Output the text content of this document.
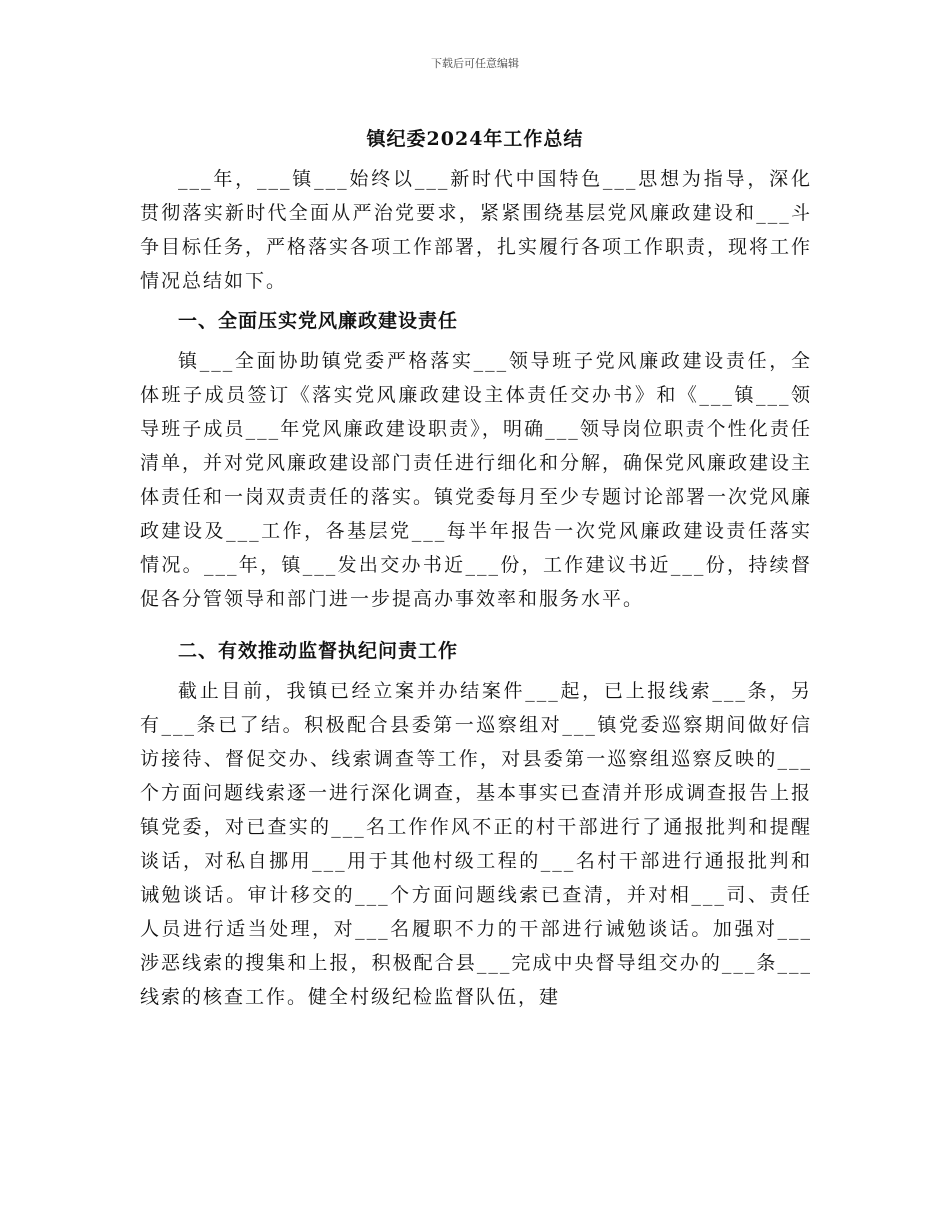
下载后可任意编辑
镇纪委2024年工作总结

___年，___镇___始终以___新时代中国特色___思想为指导，深化贯彻落实新时代全面从严治党要求，紧紧围绕基层党风廉政建设和___斗争目标任务，严格落实各项工作部署，扎实履行各项工作职责，现将工作情况总结如下。

一、全面压实党风廉政建设责任

镇___全面协助镇党委严格落实___领导班子党风廉政建设责任，全体班子成员签订《落实党风廉政建设主体责任交办书》和《___镇___领导班子成员___年党风廉政建设职责》，明确___领导岗位职责个性化责任清单，并对党风廉政建设部门责任进行细化和分解，确保党风廉政建设主体责任和一岗双责责任的落实。镇党委每月至少专题讨论部署一次党风廉政建设及___工作，各基层党___每半年报告一次党风廉政建设责任落实情况。___年，镇___发出交办书近___份，工作建议书近___份，持续督促各分管领导和部门进一步提高办事效率和服务水平。

二、有效推动监督执纪问责工作

截止目前，我镇已经立案并办结案件___起，已上报线索___条，另有___条已了结。积极配合县委第一巡察组对___镇党委巡察期间做好信访接待、督促交办、线索调查等工作，对县委第一巡察组巡察反映的___个方面问题线索逐一进行深化调查，基本事实已查清并形成调查报告上报镇党委，对已查实的___名工作作风不正的村干部进行了通报批判和提醒谈话，对私自挪用___用于其他村级工程的___名村干部进行通报批判和诫勉谈话。审计移交的___个方面问题线索已查清，并对相___司、责任人员进行适当处理，对___名履职不力的干部进行诫勉谈话。加强对___涉恶线索的搜集和上报，积极配合县___完成中央督导组交办的___条___线索的核查工作。健全村级纪检监督队伍，建
